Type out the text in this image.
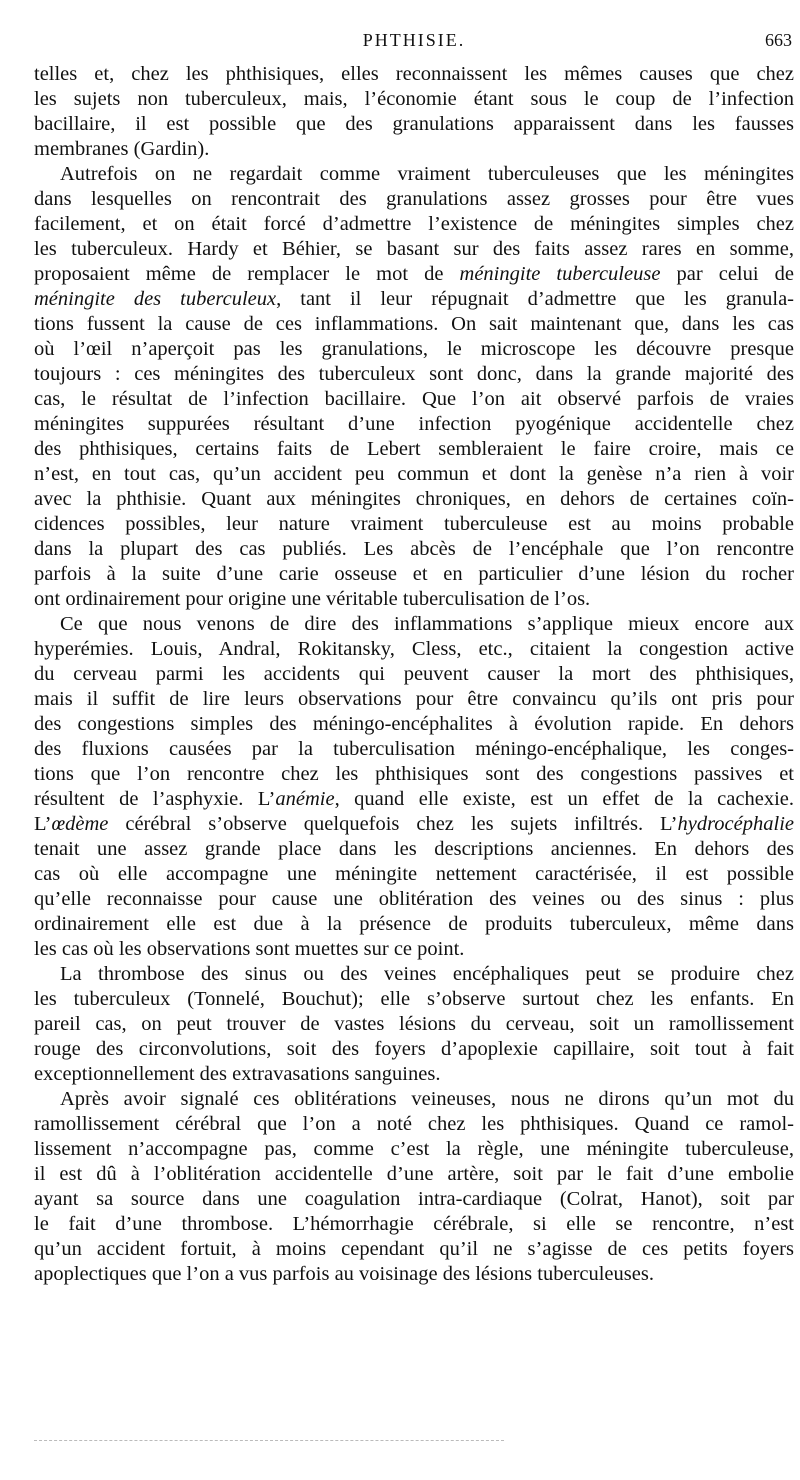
PHTHISIE.	663
telles et, chez les phthisiques, elles reconnaissent les mêmes causes que chez
les sujets non tuberculeux, mais, l’économie étant sous le coup de l’infection
bacillaire, il est possible que des granulations apparaissent dans les fausses
membranes (Gardin).
Autrefois on ne regardait comme vraiment tuberculeuses que les méningites
dans lesquelles on rencontrait des granulations assez grosses pour être vues
facilement, et on était forcé d’admettre l’existence de méningites simples chez
les tuberculeux. Hardy et Béhier, se basant sur des faits assez rares en somme,
proposaient même de remplacer le mot de méningite tuberculeuse par celui de
méningite des tuberculeux, tant il leur répugnait d’admettre que les granula-
tions fussent la cause de ces inflammations. On sait maintenant que, dans les cas
où l’œil n’aperçoit pas les granulations, le microscope les découvre presque
toujours : ces méningites des tuberculeux sont donc, dans la grande majorité des
cas, le résultat de l’infection bacillaire. Que l’on ait observé parfois de vraies
méningites suppurées résultant d’une infection pyogénique accidentelle chez
des phthisiques, certains faits de Lebert sembleraient le faire croire, mais ce
n’est, en tout cas, qu’un accident peu commun et dont la genèse n’a rien à voir
avec la phthisie. Quant aux méningites chroniques, en dehors de certaines coïn-
cidences possibles, leur nature vraiment tuberculeuse est au moins probable
dans la plupart des cas publiés. Les abcès de l’encéphale que l’on rencontre
parfois à la suite d’une carie osseuse et en particulier d’une lésion du rocher
ont ordinairement pour origine une véritable tuberculisation de l’os.
Ce que nous venons de dire des inflammations s’applique mieux encore aux
hyperémies. Louis, Andral, Rokitansky, Cless, etc., citaient la congestion active
du cerveau parmi les accidents qui peuvent causer la mort des phthisiques,
mais il suffit de lire leurs observations pour être convaincu qu’ils ont pris pour
des congestions simples des méningo-encéphalites à évolution rapide. En dehors
des fluxions causées par la tuberculisation méningo-encéphalique, les conges-
tions que l’on rencontre chez les phthisiques sont des congestions passives et
résultent de l’asphyxie. L’anémie, quand elle existe, est un effet de la cachexie.
L’œdème cérébral s’observe quelquefois chez les sujets infiltrés. L’hydrocéphalie
tenait une assez grande place dans les descriptions anciennes. En dehors des
cas où elle accompagne une méningite nettement caractérisée, il est possible
qu’elle reconnaisse pour cause une oblitération des veines ou des sinus : plus
ordinairement elle est due à la présence de produits tuberculeux, même dans
les cas où les observations sont muettes sur ce point.
La thrombose des sinus ou des veines encéphaliques peut se produire chez
les tuberculeux (Tonnelé, Bouchut); elle s’observe surtout chez les enfants. En
pareil cas, on peut trouver de vastes lésions du cerveau, soit un ramollissement
rouge des circonvolutions, soit des foyers d’apoplexie capillaire, soit tout à fait
exceptionnellement des extravasations sanguines.
Après avoir signalé ces oblitérations veineuses, nous ne dirons qu’un mot du
ramollissement cérébral que l’on a noté chez les phthisiques. Quand ce ramol-
lissement n’accompagne pas, comme c’est la règle, une méningite tuberculeuse,
il est dû à l’oblitération accidentelle d’une artère, soit par le fait d’une embolie
ayant sa source dans une coagulation intra-cardiaque (Colrat, Hanot), soit par
le fait d’une thrombose. L’hémorrhagie cérébrale, si elle se rencontre, n’est
qu’un accident fortuit, à moins cependant qu’il ne s’agisse de ces petits foyers
apoplectiques que l’on a vus parfois au voisinage des lésions tuberculeuses.
